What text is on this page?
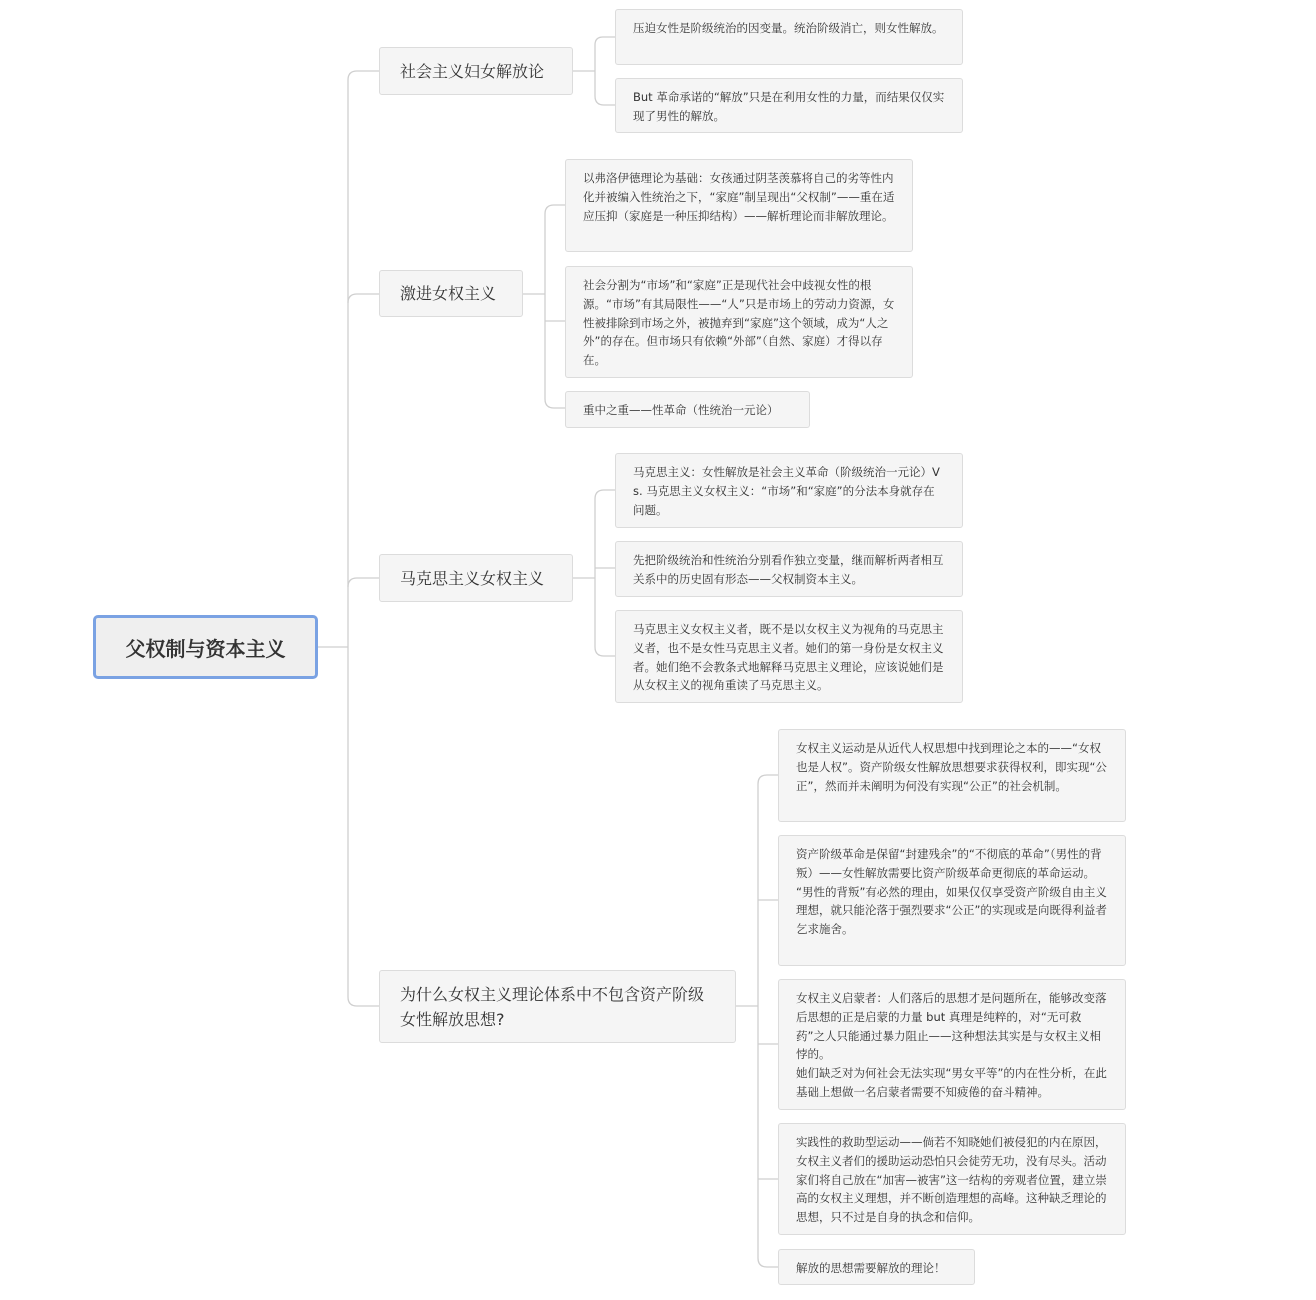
父权制与资本主义
社会主义妇女解放论
压迫女性是阶级统治的因变量。统治阶级消亡，则女性解放。
But 革命承诺的“解放”只是在利用女性的力量，而结果仅仅实现了男性的解放。
激进女权主义
以弗洛伊德理论为基础：女孩通过阴茎羡慕将自己的劣等性内化并被编入性统治之下，“家庭”制呈现出“父权制”——重在适应压抑（家庭是一种压抑结构）——解析理论而非解放理论。
社会分割为“市场”和“家庭”正是现代社会中歧视女性的根源。“市场”有其局限性——“人”只是市场上的劳动力资源，女性被排除到市场之外，被抛弃到“家庭”这个领域，成为“人之外”的存在。但市场只有依赖“外部”（自然、家庭）才得以存在。
重中之重——性革命（性统治一元论）
马克思主义女权主义
马克思主义：女性解放是社会主义革命（阶级统治一元论）Vs. 马克思主义女权主义：“市场”和“家庭”的分法本身就存在问题。
先把阶级统治和性统治分别看作独立变量，继而解析两者相互关系中的历史固有形态——父权制资本主义。
马克思主义女权主义者，既不是以女权主义为视角的马克思主义者，也不是女性马克思主义者。她们的第一身份是女权主义者。她们绝不会教条式地解释马克思主义理论，应该说她们是从女权主义的视角重读了马克思主义。
为什么女权主义理论体系中不包含资产阶级女性解放思想?
女权主义运动是从近代人权思想中找到理论之本的——“女权也是人权”。资产阶级女性解放思想要求获得权利，即实现“公正”，然而并未阐明为何没有实现“公正”的社会机制。
资产阶级革命是保留“封建残余”的“不彻底的革命”（男性的背叛）——女性解放需要比资产阶级革命更彻底的革命运动。
“男性的背叛”有必然的理由，如果仅仅享受资产阶级自由主义理想，就只能沦落于强烈要求“公正”的实现或是向既得利益者乞求施舍。
女权主义启蒙者：人们落后的思想才是问题所在，能够改变落后思想的正是启蒙的力量 but 真理是纯粹的，对“无可救药”之人只能通过暴力阻止——这种想法其实是与女权主义相悖的。
她们缺乏对为何社会无法实现“男女平等”的内在性分析，在此基础上想做一名启蒙者需要不知疲倦的奋斗精神。
实践性的救助型运动——倘若不知晓她们被侵犯的内在原因，女权主义者们的援助运动恐怕只会徒劳无功，没有尽头。活动家们将自己放在“加害—被害”这一结构的旁观者位置，建立崇高的女权主义理想，并不断创造理想的高峰。这种缺乏理论的思想，只不过是自身的执念和信仰。
解放的思想需要解放的理论！
